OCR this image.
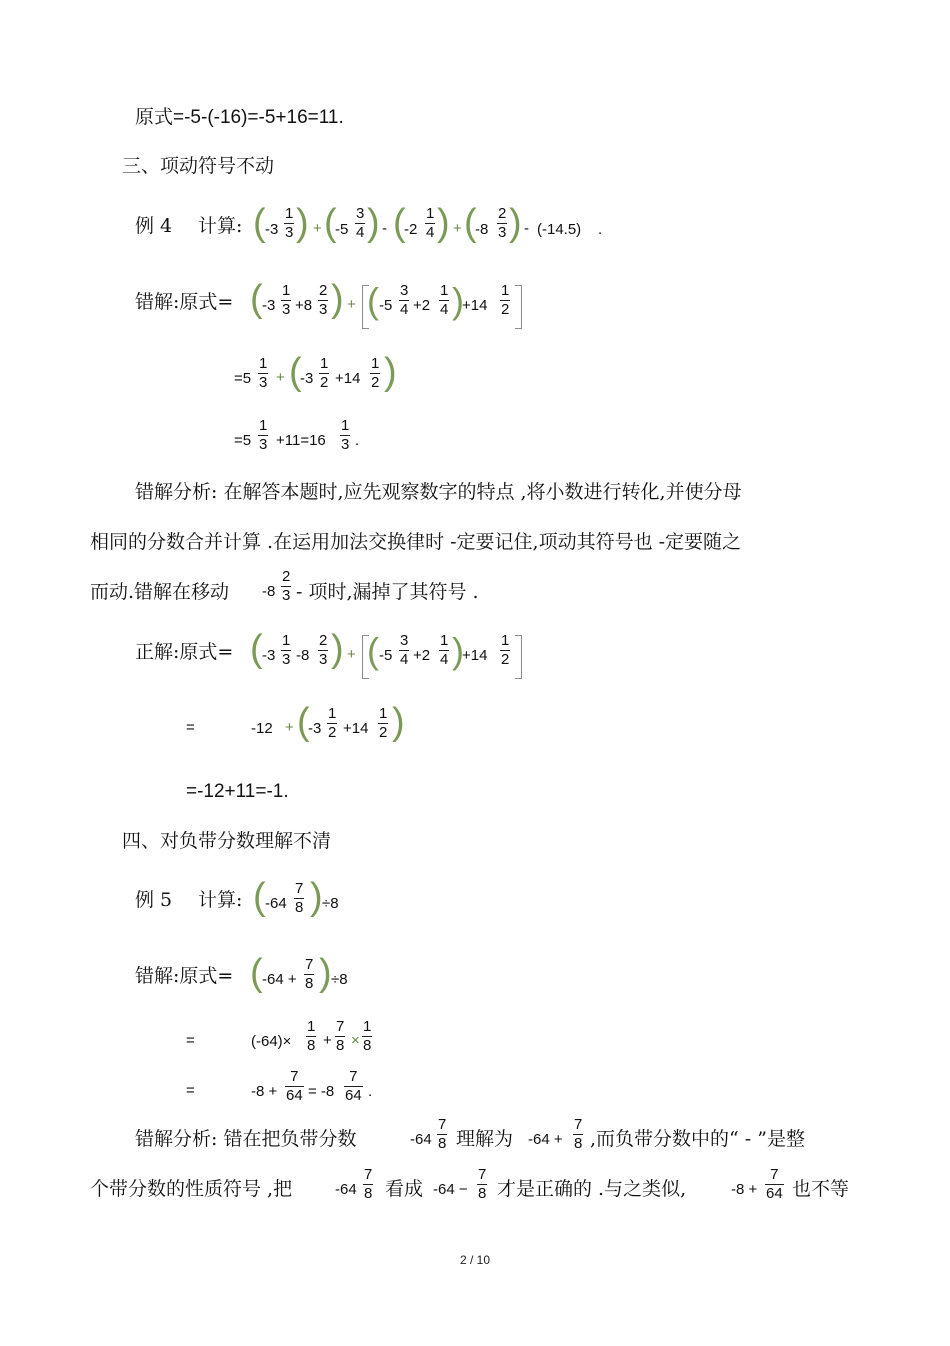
原式=-5-(-16)=-5+16=11.
三、项动符号不动
例 4 计算: ( -3
1
3 ) + (
-5
3
4 ) - (
-2
1
4 ) + (
-8
2
3 ) - (-14.5) .
错解:原式= ( -3
1
3 +8
2
3 ) + ( -5
3
4 +2
1
4 )
+14
1
2
=5
1
3 + (
-3
1
2 +14
1
2 )
=5
1
3 +11=16
1
3 .
错解分析: 在解答本题时,应先观察数字的特点 ,将小数进行转化,并使分母
相同的分数合并计算 .在运用加法交换律时 -定要记住,项动其符号也 -定要随之
而动.错解在移动 -8
2
3 - 项时,漏掉了其符号 .
正解:原式= ( -3
1
3 -8
2
3 ) + ( -5
3
4 +2
1
4 )
+14
1
2
=	-12 + (
-3
1
2 +14
1
2 )
=-12+11=-1.
四、对负带分数理解不清
例 5 计算: ( -64
7
8 ) ÷8
错解:原式= ( -64 +
7
8 ) ÷8
=	(-64)×
1
8 +
7
8 ×
1
8
=	-8 +
7
64 = -8
7
64 .
错解分析: 错在把负带分数	-64
7
8 理解为 -64 +
7
8 ,而负带分数中的“ - ”是整
个带分数的性质符号 ,把	-64
7
8 看成 -64 −
7
8 才是正确的 .与之类似,	-8 +
7
64 也不等
2 / 10
